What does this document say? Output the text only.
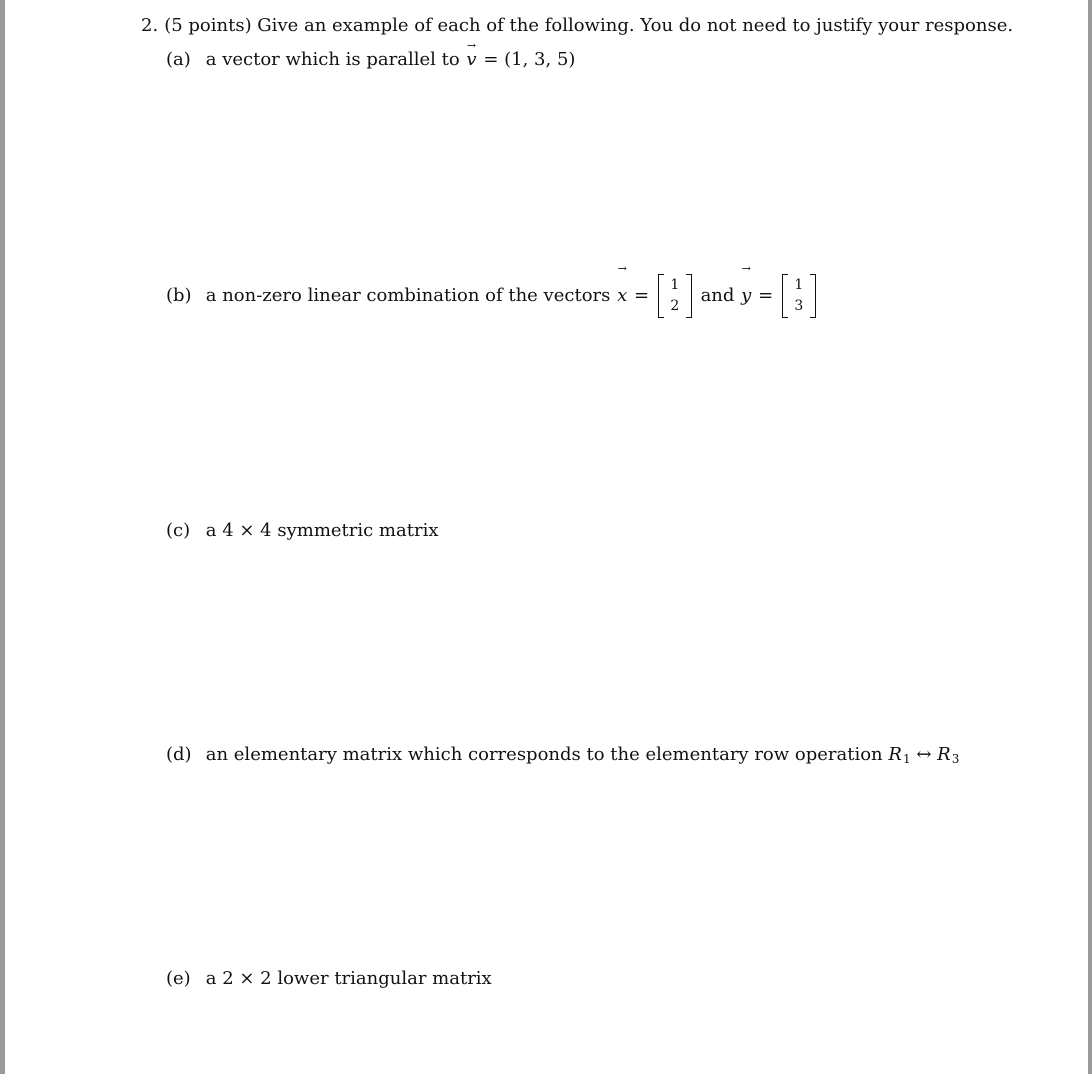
2. (5 points) Give an example of each of the following. You do not need to justify your response.
(a) a vector which is parallel to
→
v = (1, 3, 5)
(b) a non-zero linear combination of the vectors
→
x =	1
2	and
→
y =	1
3
(c) a 4 × 4 symmetric matrix
(d) an elementary matrix which corresponds to the elementary row operation $R_1$ ↔ $R_3$
(e) a 2 × 2 lower triangular matrix
